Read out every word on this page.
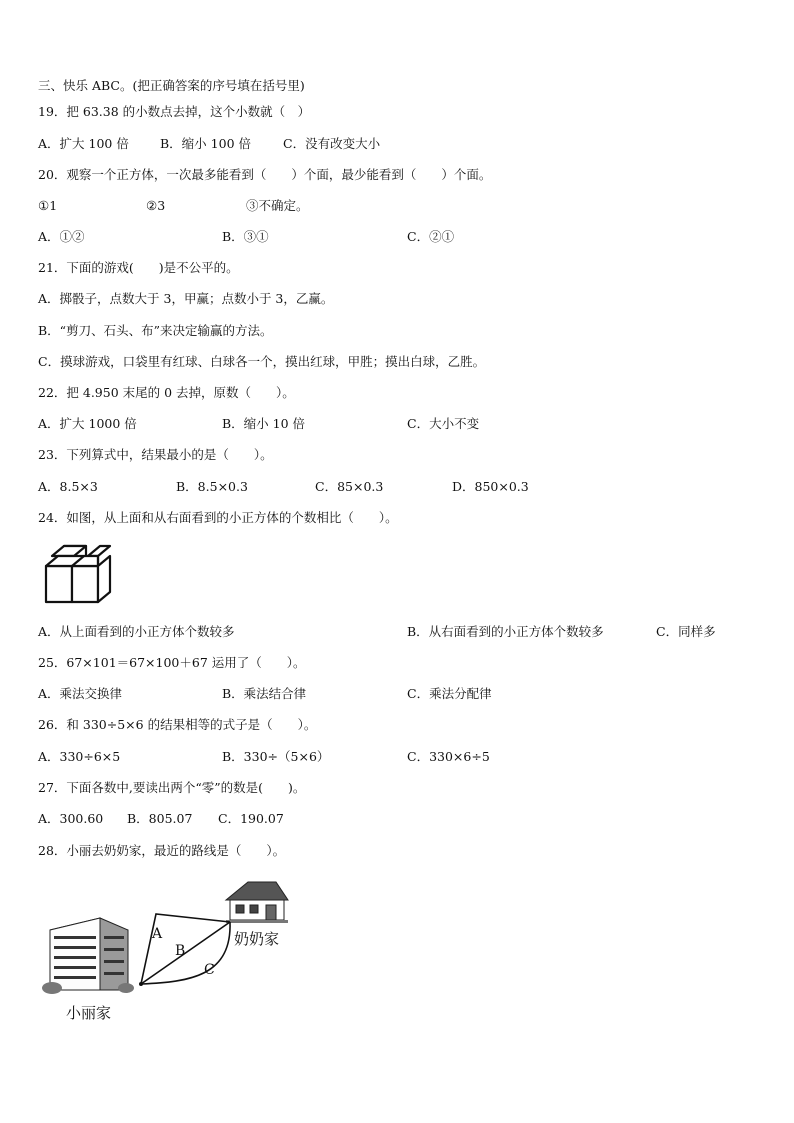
三、快乐 ABC。(把正确答案的序号填在括号里)
19．把 63.38 的小数点去掉，这个小数就（　）
A．扩大 100 倍 B．缩小 100 倍	C．没有改变大小
20．观察一个正方体，一次最多能看到（　　）个面，最少能看到（　　）个面。
①1	②3	③不确定。
A．①②	B．③①	C．②①
21．下面的游戏(　　)是不公平的。
A．掷骰子，点数大于 3，甲赢；点数小于 3，乙赢。
B．“剪刀、石头、布”来决定输赢的方法。
C．摸球游戏，口袋里有红球、白球各一个，摸出红球，甲胜；摸出白球，乙胜。
22．把 4.950 末尾的 0 去掉，原数（　　）。
A．扩大 1000 倍	B．缩小 10 倍	C．大小不变
23．下列算式中，结果最小的是（　　）。
A．8.5×3	B．8.5×0.3	C．85×0.3	D．850×0.3
24．如图，从上面和从右面看到的小正方体的个数相比（　　）。
A．从上面看到的小正方体个数较多	B．从右面看到的小正方体个数较多	C．同样多
25．67×101＝67×100＋67 运用了（　　）。
A．乘法交换律	B．乘法结合律	C．乘法分配律
26．和 330÷5×6 的结果相等的式子是（　　）。
A．330÷6×5	B．330÷（5×6）	C．330×6÷5
27．下面各数中,要读出两个“零”的数是(　　)。
A．300.60 B．805.07 C．190.07
28．小丽去奶奶家，最近的路线是（　　）。
A
B
C
奶奶家
小丽家
